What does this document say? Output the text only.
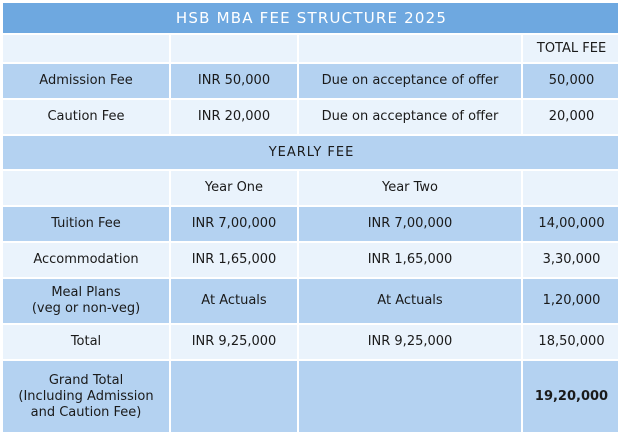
HSB MBA FEE STRUCTURE 2025			
			TOTAL FEE
Admission Fee	INR 50,000	Due on acceptance of offer	50,000
Caution Fee	INR 20,000	Due on acceptance of offer	20,000
YEARLY FEE			
	Year One	Year Two	
Tuition Fee	INR 7,00,000	INR 7,00,000	14,00,000
Accommodation	INR 1,65,000	INR 1,65,000	3,30,000
Meal Plans
(veg or non-veg)	At Actuals	At Actuals	1,20,000
Total	INR 9,25,000	INR 9,25,000	18,50,000
Grand Total
(Including Admission
and Caution Fee)			19,20,000
